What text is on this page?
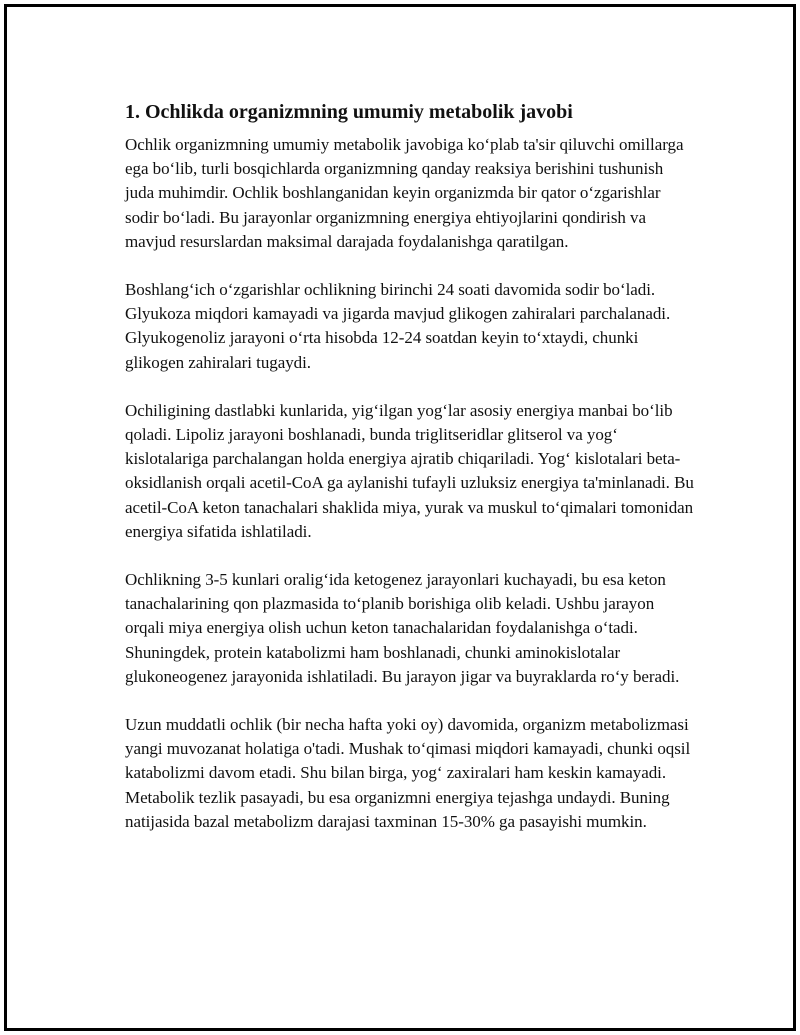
1. Ochlikda organizmning umumiy metabolik javobi

Ochlik organizmning umumiy metabolik javobiga ko‘plab ta'sir qiluvchi omillarga ega bo‘lib, turli bosqichlarda organizmning qanday reaksiya berishini tushunish juda muhimdir. Ochlik boshlanganidan keyin organizmda bir qator o‘zgarishlar sodir bo‘ladi. Bu jarayonlar organizmning energiya ehtiyojlarini qondirish va mavjud resurslardan maksimal darajada foydalanishga qaratilgan.

Boshlang‘ich o‘zgarishlar ochlikning birinchi 24 soati davomida sodir bo‘ladi. Glyukoza miqdori kamayadi va jigarda mavjud glikogen zahiralari parchalanadi. Glyukogenoliz jarayoni o‘rta hisobda 12-24 soatdan keyin to‘xtaydi, chunki glikogen zahiralari tugaydi.

Ochiligining dastlabki kunlarida, yig‘ilgan yog‘lar asosiy energiya manbai bo‘lib qoladi. Lipoliz jarayoni boshlanadi, bunda triglitseridlar glitserol va yog‘ kislotalariga parchalangan holda energiya ajratib chiqariladi. Yog‘ kislotalari beta-oksidlanish orqali acetil-CoA ga aylanishi tufayli uzluksiz energiya ta'minlanadi. Bu acetil-CoA keton tanachalari shaklida miya, yurak va muskul to‘qimalari tomonidan energiya sifatida ishlatiladi.

Ochlikning 3-5 kunlari oralig‘ida ketogenez jarayonlari kuchayadi, bu esa keton tanachalarining qon plazmasida to‘planib borishiga olib keladi. Ushbu jarayon orqali miya energiya olish uchun keton tanachalaridan foydalanishga o‘tadi. Shuningdek, protein katabolizmi ham boshlanadi, chunki aminokislotalar glukoneogenez jarayonida ishlatiladi. Bu jarayon jigar va buyraklarda ro‘y beradi.

Uzun muddatli ochlik (bir necha hafta yoki oy) davomida, organizm metabolizmasi yangi muvozanat holatiga o'tadi. Mushak to‘qimasi miqdori kamayadi, chunki oqsil katabolizmi davom etadi. Shu bilan birga, yog‘ zaxiralari ham keskin kamayadi. Metabolik tezlik pasayadi, bu esa organizmni energiya tejashga undaydi. Buning natijasida bazal metabolizm darajasi taxminan 15-30% ga pasayishi mumkin.
